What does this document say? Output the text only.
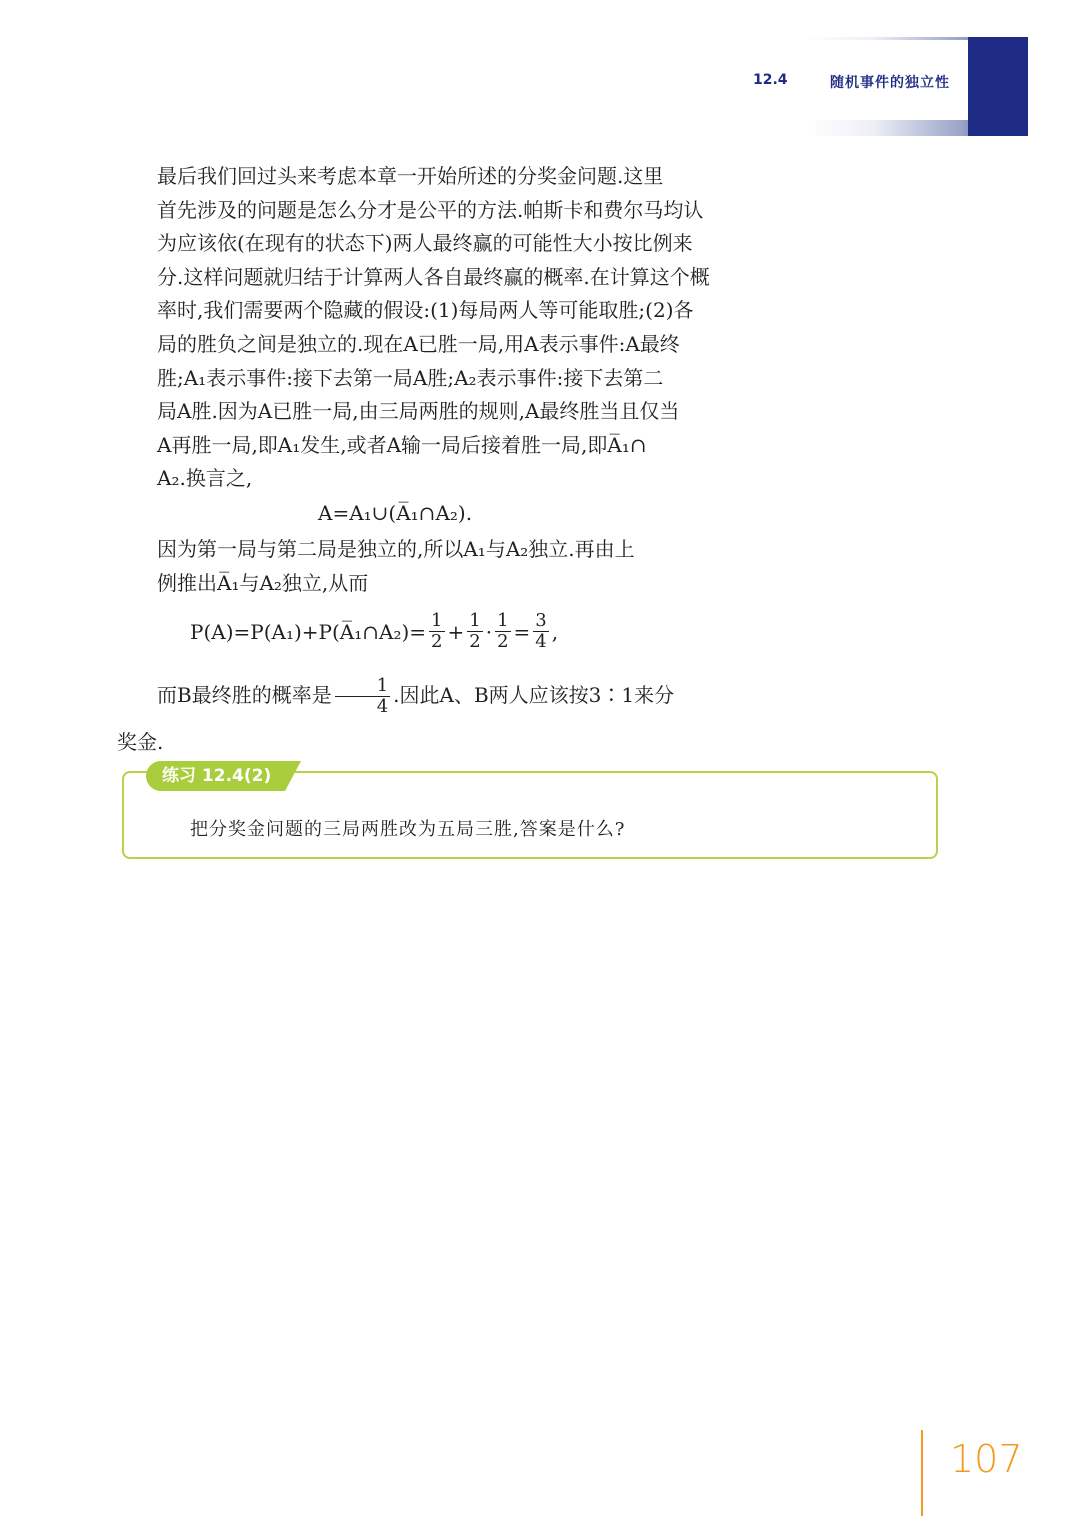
12.4	随机事件的独立性
最后我们回过头来考虑本章一开始所述的分奖金问题.这里
首先涉及的问题是怎么分才是公平的方法.帕斯卡和费尔马均认
为应该依(在现有的状态下)两人最终赢的可能性大小按比例来
分.这样问题就归结于计算两人各自最终赢的概率.在计算这个概
率时,我们需要两个隐藏的假设:(1)每局两人等可能取胜;(2)各
局的胜负之间是独立的.现在A已胜一局,用A表示事件:A最终
胜;A₁表示事件:接下去第一局A胜;A₂表示事件:接下去第二
局A胜.因为A已胜一局,由三局两胜的规则,A最终胜当且仅当
A再胜一局,即A₁发生,或者A输一局后接着胜一局,即A̅₁∩
A₂.换言之,
A=A₁∪(A̅₁∩A₂).
因为第一局与第二局是独立的,所以A₁与A₂独立.再由上
例推出A̅₁与A₂独立,从而
P(A)=P(A₁)+P(A̅₁∩A₂)= $\frac{1}{2} + \frac{1}{2} \cdot \frac{1}{2} = \frac{3}{4}$ ,
而B最终胜的概率是 $\frac{1}{4}$ .因此A、B两人应该按3∶1来分
奖金.
练习 12.4(2)
把分奖金问题的三局两胜改为五局三胜,答案是什么?
107
